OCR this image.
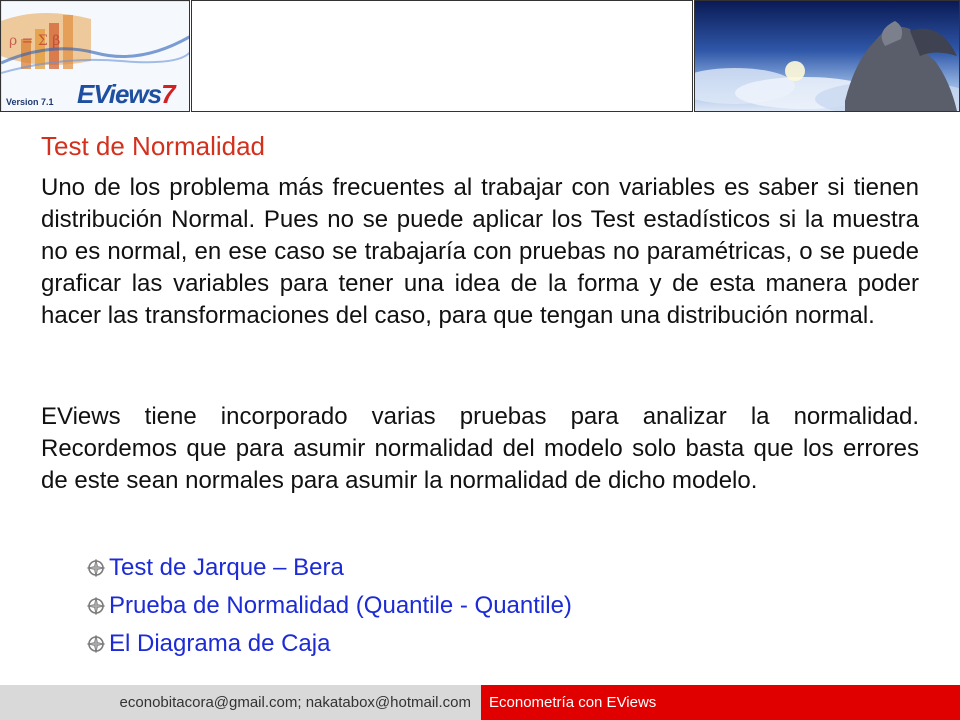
ρ = Σ β
EViews7
Version 7.1
Test de Normalidad

Uno de los problema más frecuentes al trabajar con variables es saber si tienen distribución Normal. Pues no se puede aplicar los Test estadísticos si la muestra no es normal, en ese caso se trabajaría con pruebas no paramétricas, o se puede graficar las variables para tener una idea de la forma y de esta manera poder hacer las transformaciones del caso, para que tengan una distribución normal.

EViews tiene incorporado varias pruebas para analizar la normalidad. Recordemos que para asumir normalidad del modelo solo basta que los errores de este sean normales para asumir la normalidad de dicho modelo.

Test de Jarque – Bera
Prueba de Normalidad (Quantile - Quantile)
El Diagrama de Caja
econobitacora@gmail.com; nakatabox@hotmail.com	Econometría con EViews
